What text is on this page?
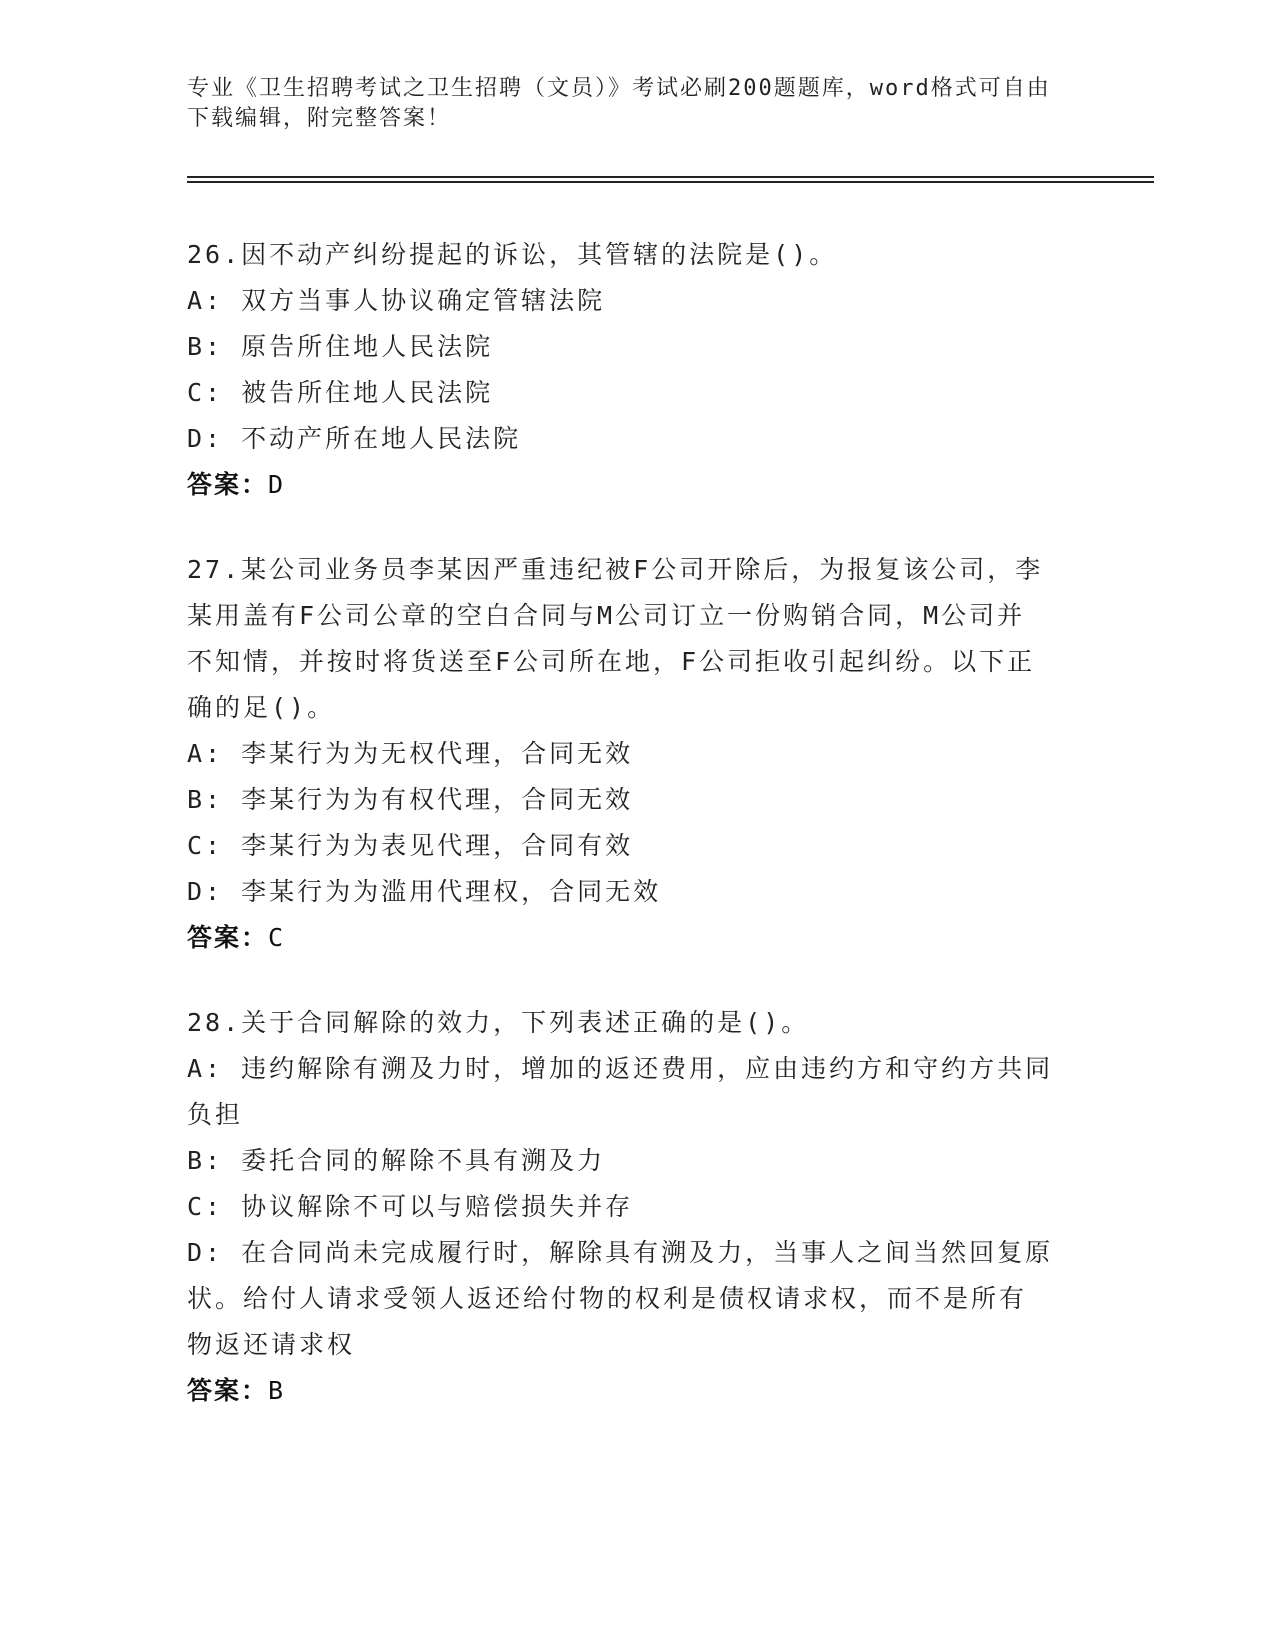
专业《卫生招聘考试之卫生招聘（文员）》考试必刷200题题库，word格式可自由下载编辑，附完整答案！
26.因不动产纠纷提起的诉讼，其管辖的法院是()。
A: 双方当事人协议确定管辖法院
B: 原告所住地人民法院
C: 被告所住地人民法院
D: 不动产所在地人民法院
答案：D
27.某公司业务员李某因严重违纪被F公司开除后，为报复该公司，李
某用盖有F公司公章的空白合同与M公司订立一份购销合同，M公司并
不知情，并按时将货送至F公司所在地，F公司拒收引起纠纷。以下正
确的足()。
A: 李某行为为无权代理，合同无效
B: 李某行为为有权代理，合同无效
C: 李某行为为表见代理，合同有效
D: 李某行为为滥用代理权，合同无效
答案：C
28.关于合同解除的效力，下列表述正确的是()。
A: 违约解除有溯及力时，增加的返还费用，应由违约方和守约方共同
负担
B: 委托合同的解除不具有溯及力
C: 协议解除不可以与赔偿损失并存
D: 在合同尚未完成履行时，解除具有溯及力，当事人之间当然回复原
状。给付人请求受领人返还给付物的权利是债权请求权，而不是所有
物返还请求权
答案：B
